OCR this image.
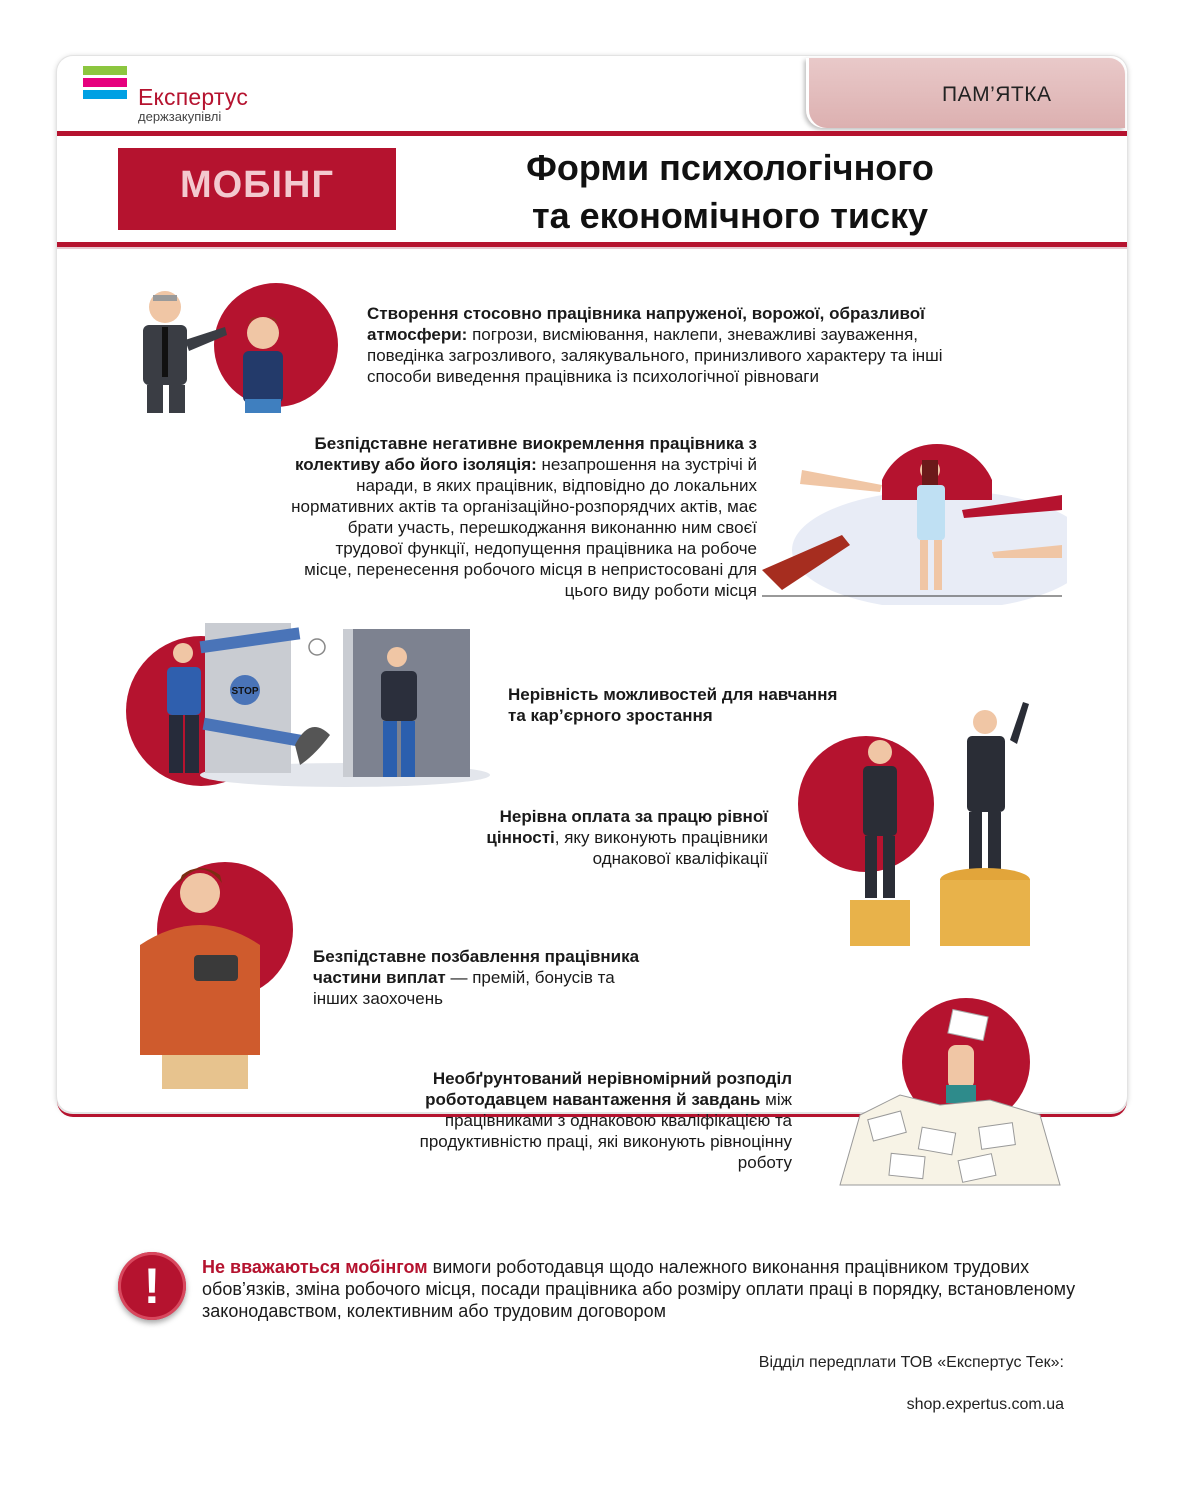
Експертус
держзакупівлі
ПАМ’ЯТКА
МОБІНГ	Форми психологічного
та економічного тиску
Створення стосовно працівника напруженої, ворожої, образливої атмосфери: погрози, висміювання, наклепи, зневажливі зауваження, поведінка загрозливого, залякувального, принизливого характеру та інші способи виведення працівника із психологічної рівноваги
Безпідставне негативне виокремлення працівника з колективу або його ізоляція: незапрошення на зустрічі й наради, в яких працівник, відповідно до локальних нормативних актів та організаційно-розпорядчих актів, має брати участь, перешкоджання виконанню ним своєї трудової функції, недопущення працівника на робоче місце, перенесення робочого місця в непристосовані для цього виду роботи місця
STOP	Нерівність можливостей для навчання та кар’єрного зростання
Нерівна оплата за працю рівної цінності, яку виконують працівники однакової кваліфікації
Безпідставне позбавлення працівника частини виплат — премій, бонусів та інших заохочень
Необґрунтований нерівномірний розподіл роботодавцем навантаження й завдань між працівниками з однаковою кваліфікацією та продуктивністю праці, які виконують рівноцінну роботу
!	Не вважаються мобінгом вимоги роботодавця щодо належного виконання працівником трудових обов’язків, зміна робочого місця, посади працівника або розміру оплати праці в порядку, встановленому законодавством, колективним або трудовим договором
Відділ передплати ТОВ «Експертус Тек»:
shop.expertus.com.ua
